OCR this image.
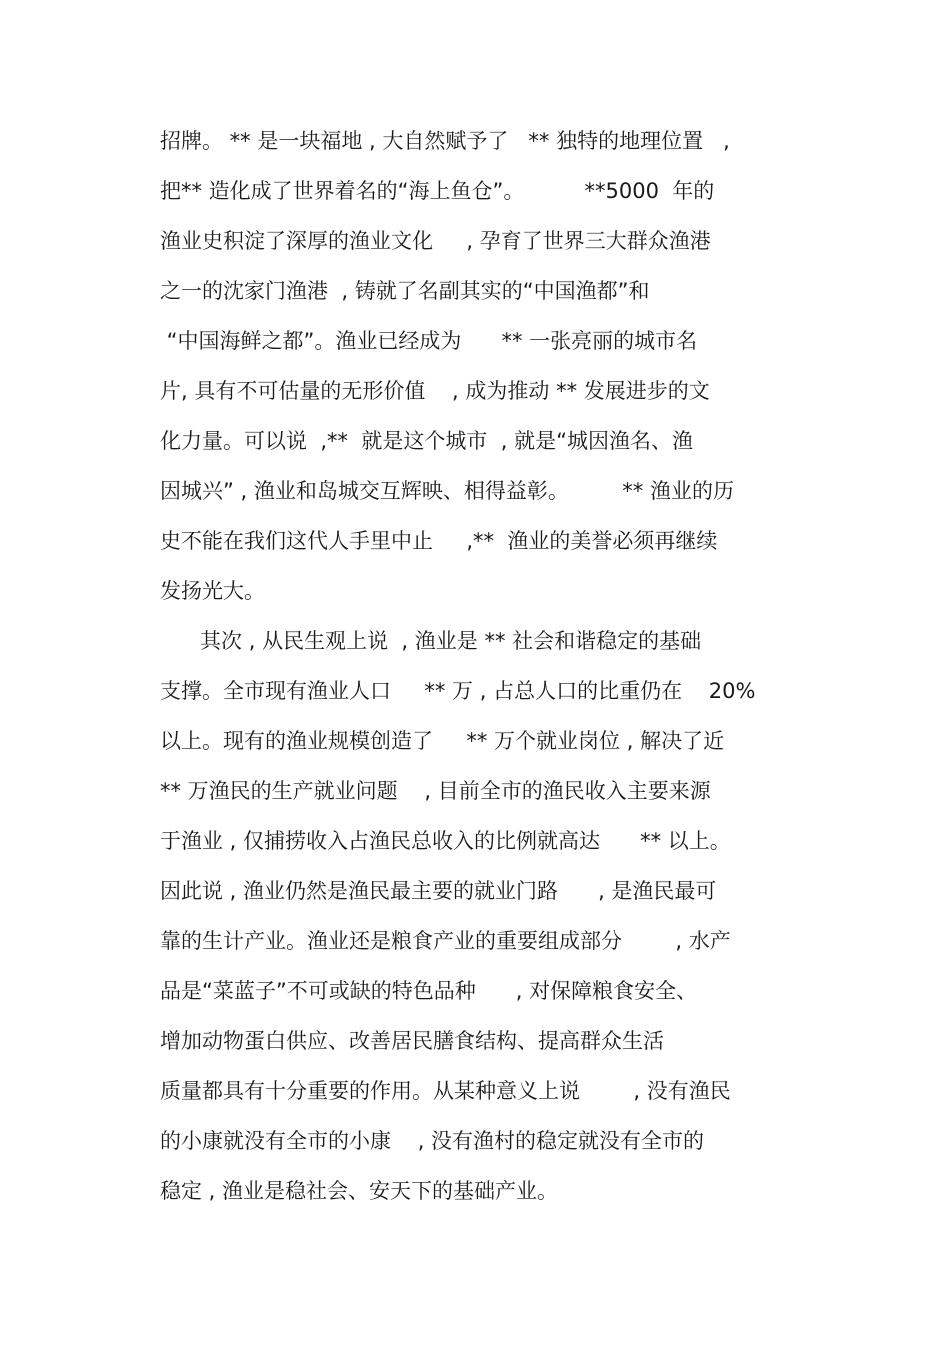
招牌。 ** 是一块福地 , 大自然赋予了   ** 独特的地理位置   ,
把** 造化成了世界着名的“海上鱼仓”。         **5000  年的
渔业史积淀了深厚的渔业文化     , 孕育了世界三大群众渔港
之一的沈家门渔港  , 铸就了名副其实的“中国渔都”和
“中国海鲜之都”。渔业已经成为      ** 一张亮丽的城市名
片, 具有不可估量的无形价值    , 成为推动 ** 发展进步的文
化力量。可以说  ,**  就是这个城市  , 就是“城因渔名、渔
因城兴” , 渔业和岛城交互辉映、相得益彰。        ** 渔业的历
史不能在我们这代人手里中止     ,**  渔业的美誉必须再继续
发扬光大。
其次 , 从民生观上说  , 渔业是 ** 社会和谐稳定的基础
支撑。全市现有渔业人口     ** 万 , 占总人口的比重仍在    20%
以上。现有的渔业规模创造了     ** 万个就业岗位 , 解决了近
** 万渔民的生产就业问题    , 目前全市的渔民收入主要来源
于渔业 , 仅捕捞收入占渔民总收入的比例就高达      ** 以上。
因此说 , 渔业仍然是渔民最主要的就业门路      , 是渔民最可
靠的生计产业。渔业还是粮食产业的重要组成部分        , 水产
品是“菜蓝子”不可或缺的特色品种      , 对保障粮食安全、
增加动物蛋白供应、改善居民膳食结构、提高群众生活
质量都具有十分重要的作用。从某种意义上说        , 没有渔民
的小康就没有全市的小康    , 没有渔村的稳定就没有全市的
稳定 , 渔业是稳社会、安天下的基础产业。
